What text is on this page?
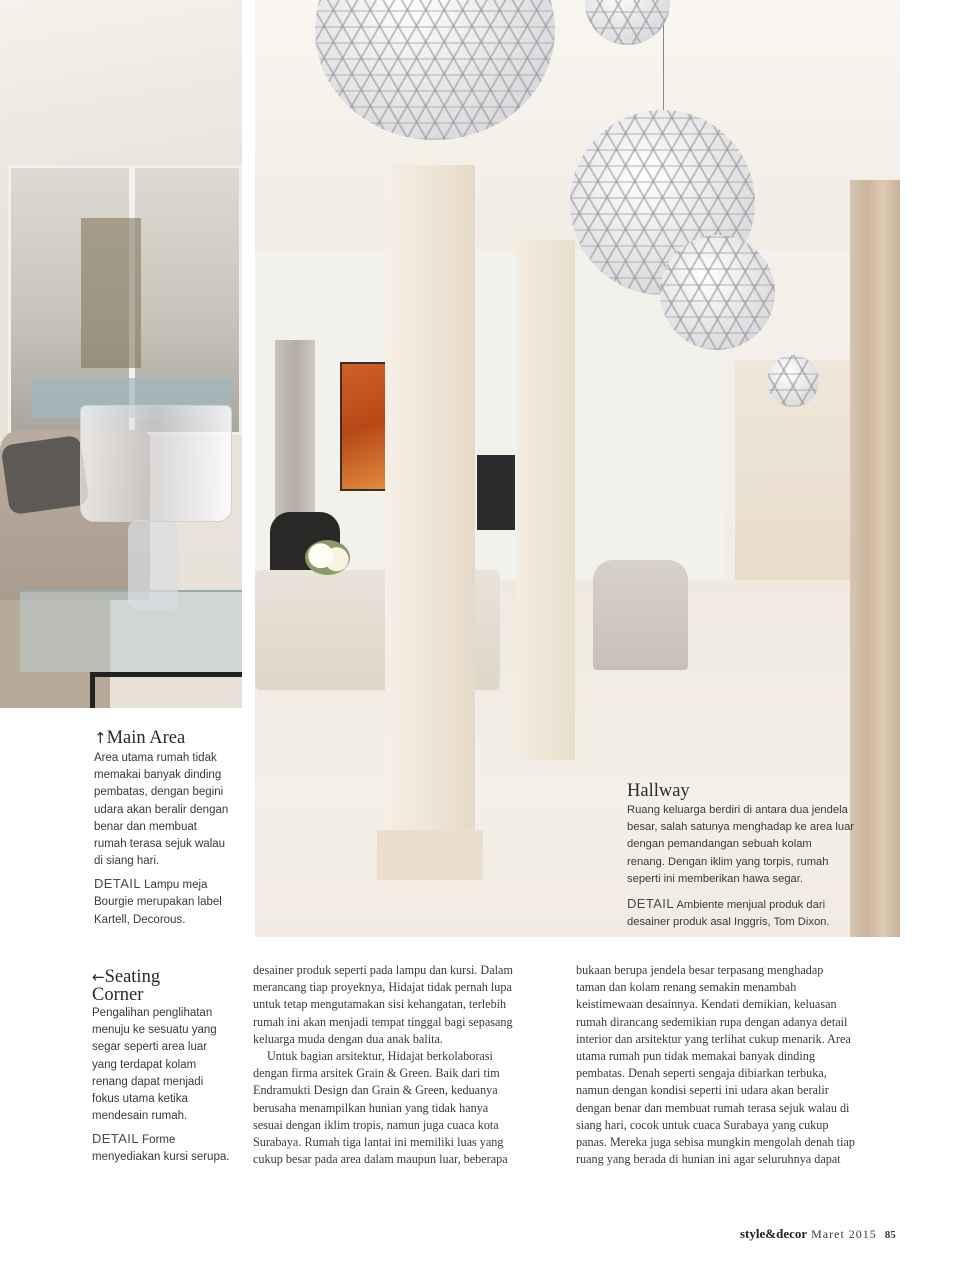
↑Main Area
Area utama rumah tidak
memakai banyak dinding
pembatas, dengan begini
udara akan beralir dengan
benar dan membuat
rumah terasa sejuk walau
di siang hari.
DETAIL Lampu meja
Bourgie merupakan label
Kartell, Decorous.
←Seating
Corner
Pengalihan penglihatan
menuju ke sesuatu yang
segar seperti area luar
yang terdapat kolam
renang dapat menjadi
fokus utama ketika
mendesain rumah.
DETAIL Forme
menyediakan kursi serupa.
Hallway
Ruang keluarga berdiri di antara dua jendela
besar, salah satunya menghadap ke area luar
dengan pemandangan sebuah kolam
renang. Dengan iklim yang torpis, rumah
seperti ini memberikan hawa segar.
DETAIL Ambiente menjual produk dari
desainer produk asal Inggris, Tom Dixon.

desainer produk seperti pada lampu dan kursi. Dalam

merancang tiap proyeknya, Hidajat tidak pernah lupa

untuk tetap mengutamakan sisi kehangatan, terlebih

rumah ini akan menjadi tempat tinggal bagi sepasang

keluarga muda dengan dua anak balita.

Untuk bagian arsitektur, Hidajat berkolaborasi

dengan firma arsitek Grain & Green. Baik dari tim

Endramukti Design dan Grain & Green, keduanya

berusaha menampilkan hunian yang tidak hanya

sesuai dengan iklim tropis, namun juga cuaca kota

Surabaya. Rumah tiga lantai ini memiliki luas yang

cukup besar pada area dalam maupun luar, beberapa

bukaan berupa jendela besar terpasang menghadap

taman dan kolam renang semakin menambah

keistimewaan desainnya. Kendati demikian, keluasan

rumah dirancang sedemikian rupa dengan adanya detail

interior dan arsitektur yang terlihat cukup menarik. Area

utama rumah pun tidak memakai banyak dinding

pembatas. Denah seperti sengaja dibiarkan terbuka,

namun dengan kondisi seperti ini udara akan beralir

dengan benar dan membuat rumah terasa sejuk walau di

siang hari, cocok untuk cuaca Surabaya yang cukup

panas. Mereka juga sebisa mungkin mengolah denah tiap

ruang yang berada di hunian ini agar seluruhnya dapat

style&decor Maret 2015 85
